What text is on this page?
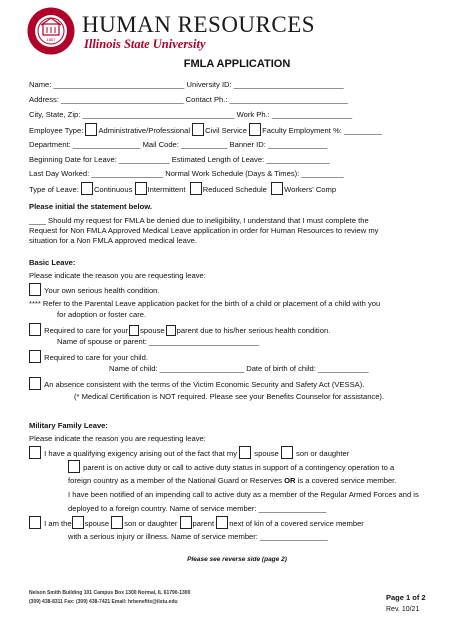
1857
HUMAN RESOURCES
Illinois State University
FMLA APPLICATION
Name: _______________________________ University ID: __________________________
Address: _____________________________ Contact Ph.: ____________________________
City, State, Zip: ____________________________________ Work Ph.: ___________________
Employee Type: Administrative/Professional Civil Service Faculty Employment %: _________
Department: ________________ Mail Code: ___________ Banner ID: ______________
Beginning Date for Leave: ____________ Estimated Length of Leave: _______________
Last Day Worked: _________________ Normal Work Schedule (Days & Times): __________
Type of Leave: Continuous Intermittent Reduced Schedule Workers' Comp
Please initial the statement below.
____ Should my request for FMLA be denied due to ineligibility, I understand that I must complete the
Request for Non FMLA Approved Medical Leave application in order for Human Resources to review my
situation for a Non FMLA approved medical leave.
Basic Leave:
Please indicate the reason you are requesting leave:
Your own serious health condition.
**** Refer to the Parental Leave application packet for the birth of a child or placement of a child with you
for adoption or foster care.
Required to care for your spouse parent due to his/her serious health condition.
Name of spouse or parent: __________________________
Required to care for your child.
Name of child: ____________________ Date of birth of child: ____________
An absence consistent with the terms of the Victim Economic Security and Safety Act (VESSA).
(* Medical Certification is NOT required. Please see your Benefits Counselor for assistance).
Military Family Leave:
Please indicate the reason you are requesting leave:
I have a qualifying exigency arising out of the fact that my spouse son or daughter
parent is on active duty or call to active duty status in support of a contingency operation to a
foreign country as a member of the National Guard or Reserves OR is a covered service member.
I have been notified of an impending call to active duty as a member of the Regular Armed Forces and is
deployed to a foreign country. Name of service member: ________________
I am the spouse son or daughter parent next of kin of a covered service member
with a serious injury or illness. Name of service member: ________________
Please see reverse side (page 2)
Nelson Smith Building 101 Campus Box 1300 Normal, IL 61790-1300
(309) 438-8311 Fax: (309) 438-7421 Email: hrbenefits@ilstu.edu	Page 1 of 2
Rev. 10/21
